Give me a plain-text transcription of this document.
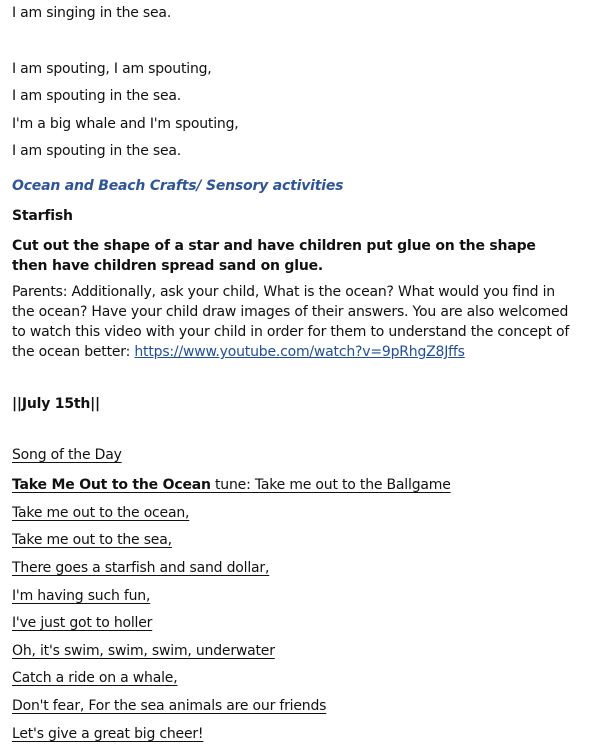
I am singing in the sea.
I am spouting, I am spouting,
I am spouting in the sea.
I'm a big whale and I'm spouting,
I am spouting in the sea.
Ocean and Beach Crafts/ Sensory activities
Starfish
Cut out the shape of a star and have children put glue on the shape then have children spread sand on glue.
Parents: Additionally, ask your child, What is the ocean? What would you find in the ocean? Have your child draw images of their answers. You are also welcomed to watch this video with your child in order for them to understand the concept of the ocean better: https://www.youtube.com/watch?v=9pRhgZ8Jffs
||July 15th||
Song of the Day
Take Me Out to the Ocean tune: Take me out to the Ballgame
Take me out to the ocean,
Take me out to the sea,
There goes a starfish and sand dollar,
I'm having such fun,
I've just got to holler
Oh, it's swim, swim, swim, underwater
Catch a ride on a whale,
Don't fear, For the sea animals are our friends
Let's give a great big cheer!
